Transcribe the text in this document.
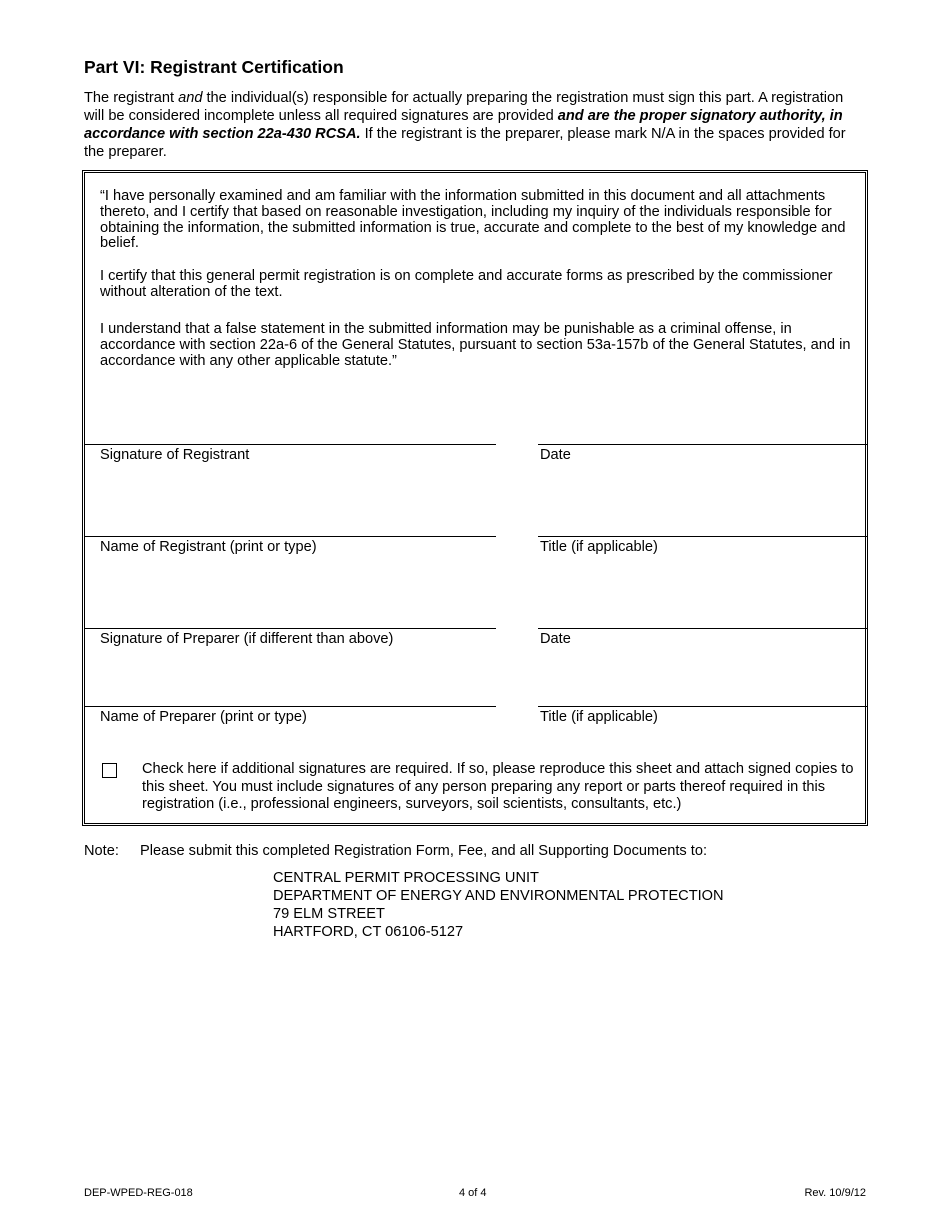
Part VI: Registrant Certification

The registrant and the individual(s) responsible for actually preparing the registration must sign this part. A registration will be considered incomplete unless all required signatures are provided and are the proper signatory authority, in accordance with section 22a-430 RCSA. If the registrant is the preparer, please mark N/A in the spaces provided for the preparer.

“I have personally examined and am familiar with the information submitted in this document and all attachments thereto, and I certify that based on reasonable investigation, including my inquiry of the individuals responsible for obtaining the information, the submitted information is true, accurate and complete to the best of my knowledge and belief.

I certify that this general permit registration is on complete and accurate forms as prescribed by the commissioner without alteration of the text.

I understand that a false statement in the submitted information may be punishable as a criminal offense, in accordance with section 22a-6 of the General Statutes, pursuant to section 53a-157b of the General Statutes, and in accordance with any other applicable statute.”

Signature of Registrant	Date
Name of Registrant (print or type)	Title (if applicable)
Signature of Preparer (if different than above)	Date
Name of Preparer (print or type)	Title (if applicable)
Check here if additional signatures are required. If so, please reproduce this sheet and attach signed copies to this sheet. You must include signatures of any person preparing any report or parts thereof required in this registration (i.e., professional engineers, surveyors, soil scientists, consultants, etc.)
Note: Please submit this completed Registration Form, Fee, and all Supporting Documents to:
CENTRAL PERMIT PROCESSING UNIT
DEPARTMENT OF ENERGY AND ENVIRONMENTAL PROTECTION
79 ELM STREET
HARTFORD, CT 06106-5127
DEP-WPED-REG-018	4 of 4	Rev. 10/9/12
